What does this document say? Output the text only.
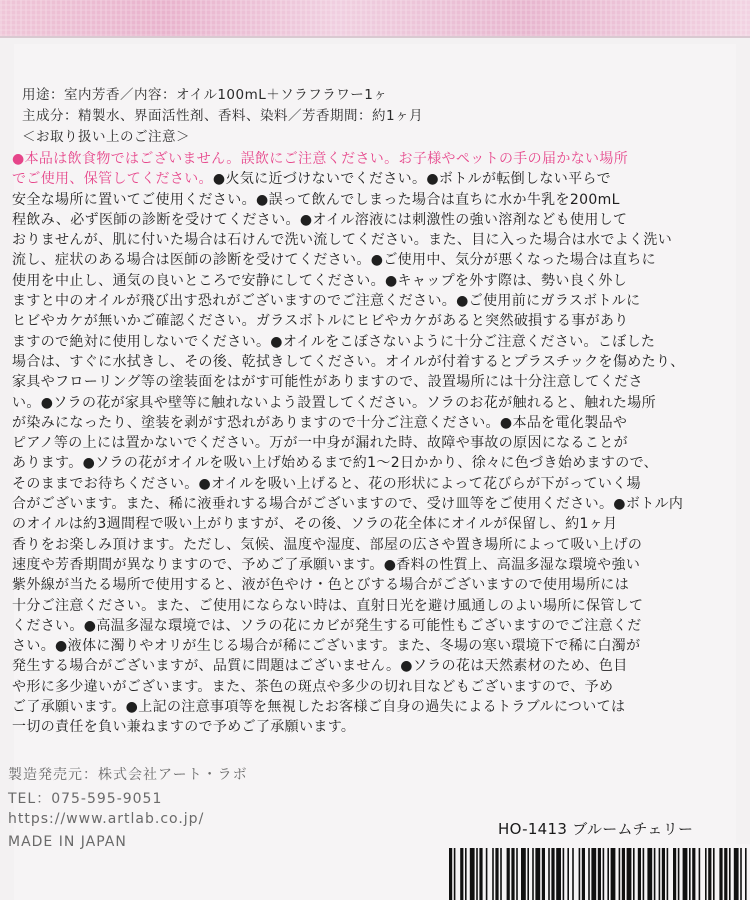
用途：室内芳香／内容：オイル100mL＋ソラフラワー1ヶ
主成分：精製水、界面活性剤、香料、染料／芳香期間：約1ヶ月
＜お取り扱い上のご注意＞
●本品は飲食物ではございません。誤飲にご注意ください。お子様やペットの手の届かない場所
でご使用、保管してください。●火気に近づけないでください。●ボトルが転倒しない平らで
安全な場所に置いてご使用ください。●誤って飲んでしまった場合は直ちに水か牛乳を200mL
程飲み、必ず医師の診断を受けてください。●オイル溶液には刺激性の強い溶剤なども使用して
おりませんが、肌に付いた場合は石けんで洗い流してください。また、目に入った場合は水でよく洗い
流し、症状のある場合は医師の診断を受けてください。●ご使用中、気分が悪くなった場合は直ちに
使用を中止し、通気の良いところで安静にしてください。●キャップを外す際は、勢い良く外し
ますと中のオイルが飛び出す恐れがございますのでご注意ください。●ご使用前にガラスボトルに
ヒビやカケが無いかご確認ください。ガラスボトルにヒビやカケがあると突然破損する事があり
ますので絶対に使用しないでください。●オイルをこぼさないように十分ご注意ください。こぼした
場合は、すぐに水拭きし、その後、乾拭きしてください。オイルが付着するとプラスチックを傷めたり、
家具やフローリング等の塗装面をはがす可能性がありますので、設置場所には十分注意してくださ
い。●ソラの花が家具や壁等に触れないよう設置してください。ソラのお花が触れると、触れた場所
が染みになったり、塗装を剥がす恐れがありますので十分ご注意ください。●本品を電化製品や
ピアノ等の上には置かないでください。万が一中身が漏れた時、故障や事故の原因になることが
あります。●ソラの花がオイルを吸い上げ始めるまで約1〜2日かかり、徐々に色づき始めますので、
そのままでお待ちください。●オイルを吸い上げると、花の形状によって花びらが下がっていく場
合がございます。また、稀に液垂れする場合がございますので、受け皿等をご使用ください。●ボトル内
のオイルは約3週間程で吸い上がりますが、その後、ソラの花全体にオイルが保留し、約1ヶ月
香りをお楽しみ頂けます。ただし、気候、温度や湿度、部屋の広さや置き場所によって吸い上げの
速度や芳香期間が異なりますので、予めご了承願います。●香料の性質上、高温多湿な環境や強い
紫外線が当たる場所で使用すると、液が色やけ・色とびする場合がございますので使用場所には
十分ご注意ください。また、ご使用にならない時は、直射日光を避け風通しのよい場所に保管して
ください。●高温多湿な環境では、ソラの花にカビが発生する可能性もございますのでご注意くだ
さい。●液体に濁りやオリが生じる場合が稀にございます。また、冬場の寒い環境下で稀に白濁が
発生する場合がございますが、品質に問題はございません。●ソラの花は天然素材のため、色目
や形に多少違いがございます。また、茶色の斑点や多少の切れ目などもございますので、予め
ご了承願います。●上記の注意事項等を無視したお客様ご自身の過失によるトラブルについては
一切の責任を負い兼ねますので予めご了承願います。
製造発売元：株式会社アート・ラボ
TEL：075-595-9051
https://www.artlab.co.jp/
MADE IN JAPAN
HO-1413 ブルームチェリー
